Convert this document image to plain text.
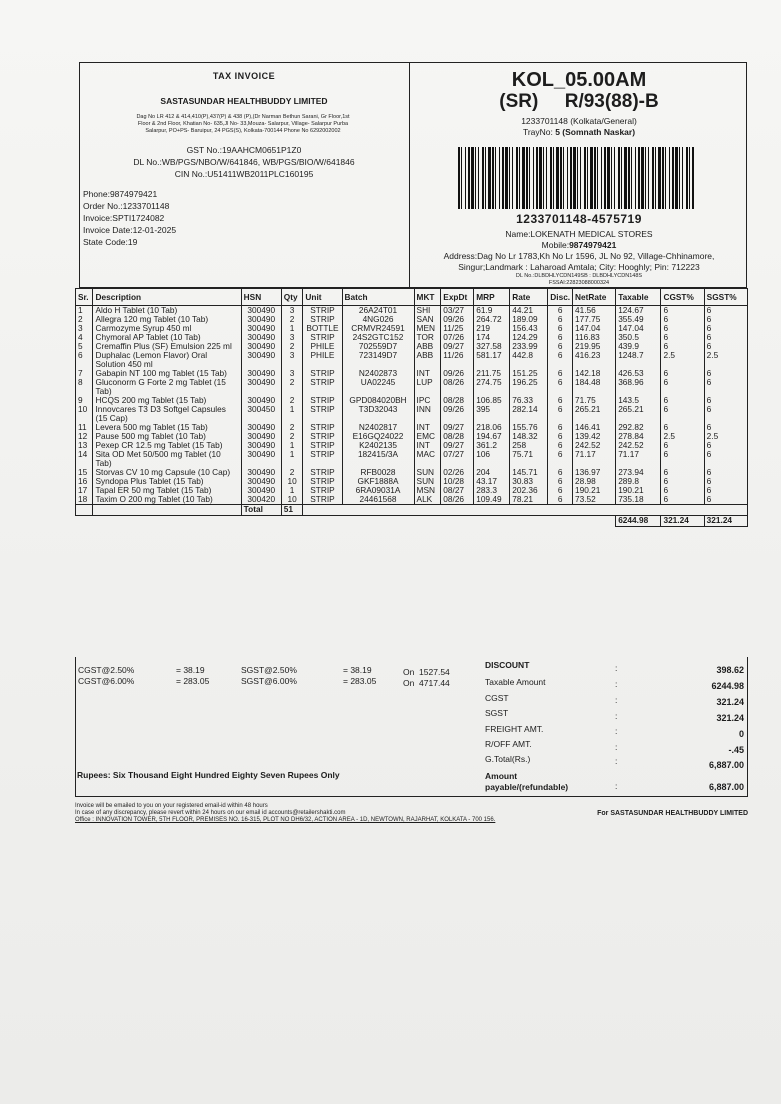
TAX INVOICE
SASTASUNDAR HEALTHBUDDY LIMITED
Dag No LR 412 & 414,410(P),437(P) & 438 (P),(Dr Narman Bethun Sarani, Gr Floor,1st
Floor & 2nd Floor, Khatian No- 635,Jl No- 33,Mouza- Salarpur, Village- Salarpur Purba
Salarpur, PO+PS- Baruipur, 24 PGS(S), Kolkata-700144 Phone No 6292002002
GST No.:19AAHCM0651P1Z0
DL No.:WB/PGS/NBO/W/641846, WB/PGS/BIO/W/641846
CIN No.:U51411WB2011PLC160195
Phone:9874979421
Order No.:1233701148
Invoice:SPTI1724082
Invoice Date:12-01-2025
State Code:19
KOL_05.00AM
(SR)     R/93(88)-B
1233701148 (Kolkata/General)
TrayNo: 5 (Somnath Naskar)
1233701148-4575719
Name:LOKENATH MEDICAL STORES
Mobile:9874979421
Address:Dag No Lr 1783,Kh No Lr 1596, JL No 92, Village-Chhinamore,
Singur;Landmark : Laharoad Amtala; City: Hooghly; Pin: 712223
DL No.:DLBDHLYCDN149SB : DLBDHLYCDN148S
FSSAI:22823088000324
Sr.	Description	HSN	Qty	Unit	Batch	MKT	ExpDt	MRP	Rate	Disc.	NetRate	Taxable	CGST%	SGST%
1	Aldo H Tablet (10 Tab)	300490	3	STRIP	26A24T01	SHI	03/27	61.9	44.21	6	41.56	124.67	6	6
2	Allegra 120 mg Tablet (10 Tab)	300490	2	STRIP	4NG026	SAN	09/26	264.72	189.09	6	177.75	355.49	6	6
3	Carmozyme Syrup 450 ml	300490	1	BOTTLE	CRMVR24591	MEN	11/25	219	156.43	6	147.04	147.04	6	6
4	Chymoral AP Tablet (10 Tab)	300490	3	STRIP	24S2GTC152	TOR	07/26	174	124.29	6	116.83	350.5	6	6
5	Cremaffin Plus (SF) Emulsion 225 ml	300490	2	PHILE	702559D7	ABB	09/27	327.58	233.99	6	219.95	439.9	6	6
6	Duphalac (Lemon Flavor) Oral Solution 450 ml	300490	3	PHILE	723149D7	ABB	11/26	581.17	442.8	6	416.23	1248.7	2.5	2.5
7	Gabapin NT 100 mg Tablet (15 Tab)	300490	3	STRIP	N2402873	INT	09/26	211.75	151.25	6	142.18	426.53	6	6
8	Gluconorm G Forte 2 mg Tablet (15 Tab)	300490	2	STRIP	UA02245	LUP	08/26	274.75	196.25	6	184.48	368.96	6	6
9	HCQS 200 mg Tablet (15 Tab)	300490	2	STRIP	GPD084020BH	IPC	08/28	106.85	76.33	6	71.75	143.5	6	6
10	Innovcares T3 D3 Softgel Capsules (15 Cap)	300450	1	STRIP	T3D32043	INN	09/26	395	282.14	6	265.21	265.21	6	6
11	Levera 500 mg Tablet (15 Tab)	300490	2	STRIP	N2402817	INT	09/27	218.06	155.76	6	146.41	292.82	6	6
12	Pause 500 mg Tablet (10 Tab)	300490	2	STRIP	E16GQ24022	EMC	08/28	194.67	148.32	6	139.42	278.84	2.5	2.5
13	Pexep CR 12.5 mg Tablet (15 Tab)	300490	1	STRIP	K2402135	INT	09/27	361.2	258	6	242.52	242.52	6	6
14	Sita OD Met 50/500 mg Tablet (10 Tab)	300490	1	STRIP	182415/3A	MAC	07/27	106	75.71	6	71.17	71.17	6	6
15	Storvas CV 10 mg Capsule (10 Cap)	300490	2	STRIP	RFB0028	SUN	02/26	204	145.71	6	136.97	273.94	6	6
16	Syndopa Plus Tablet (15 Tab)	300490	10	STRIP	GKF1888A	SUN	10/28	43.17	30.83	6	28.98	289.8	6	6
17	Tapal ER 50 mg Tablet (15 Tab)	300490	1	STRIP	6RA09031A	MSN	08/27	283.3	202.36	6	190.21	190.21	6	6
18	Taxim O 200 mg Tablet (10 Tab)	300420	10	STRIP	24461568	ALK	08/26	109.49	78.21	6	73.52	735.18	6	6
		Total	51											
												6244.98	321.24	321.24
CGST@2.50%	= 38.19	SGST@2.50%	= 38.19	On  1527.54
CGST@6.00%	= 283.05	SGST@6.00%	= 283.05	On  4717.44
DISCOUNT	:	398.62
Taxable Amount	:	6244.98
CGST	:	321.24
SGST	:	321.24
FREIGHT AMT.	:	0
R/OFF AMT.	:	-.45
G.Total(Rs.)	:	6,887.00
Amount
payable/(refundable)	:	6,887.00
Rupees: Six Thousand Eight Hundred Eighty Seven Rupees Only
Invoice will be emailed to you on your registered email-id within 48 hours
In case of any discrepancy, please revert within 24 hours on our email id accounts@retailershakti.com
Office : INNOVATION TOWER, 5TH FLOOR, PREMISES NO. 16-315, PLOT NO DH6/32, ACTION AREA - 1D, NEWTOWN, RAJARHAT, KOLKATA - 700 156.
For SASTASUNDAR HEALTHBUDDY LIMITED
